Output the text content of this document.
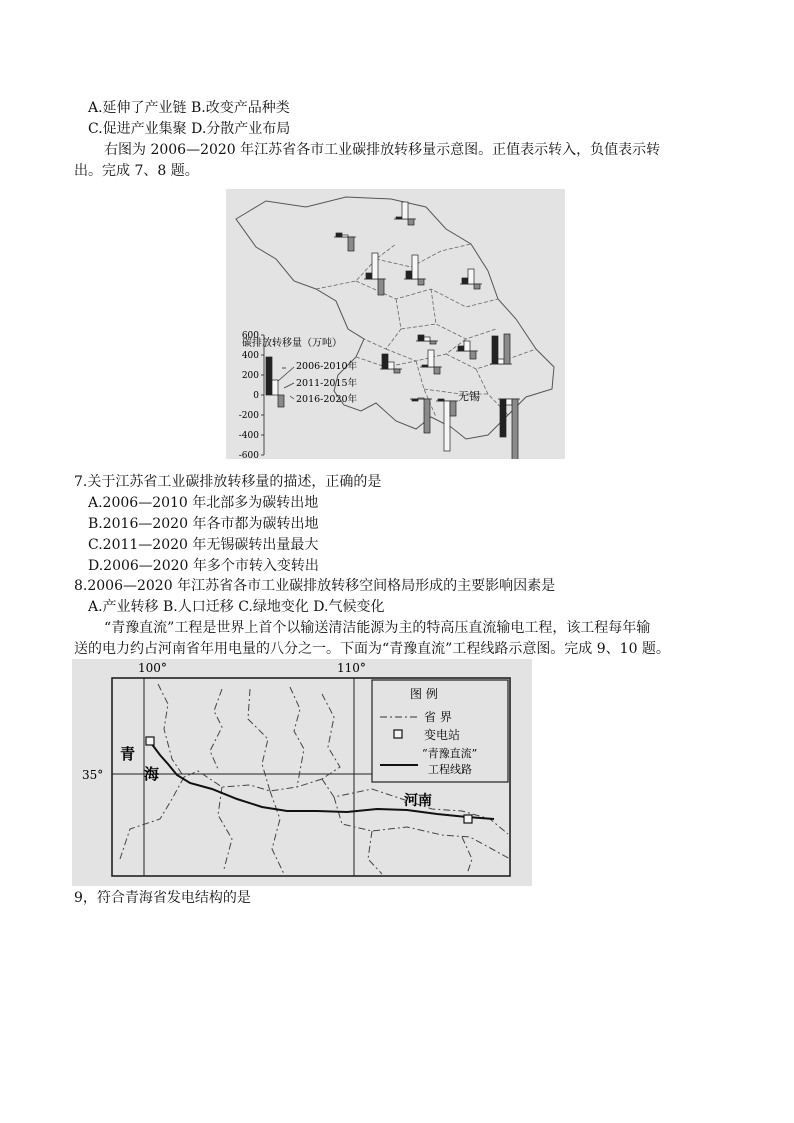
A.延伸了产业链 B.改变产品种类
C.促进产业集聚 D.分散产业布局
右图为 2006—2020 年江苏省各市工业碳排放转移量示意图。正值表示转入，负值表示转
出。完成 7、8 题。
碳排放转移量（万吨）
600
400
200
0
-200
-400
-600
2006-2010年
2011-2015年
2016-2020年	无锡
7.关于江苏省工业碳排放转移量的描述，正确的是
A.2006—2010 年北部多为碳转出地
B.2016—2020 年各市都为碳转出地
C.2011—2020 年无锡碳转出量最大
D.2006—2020 年多个市转入变转出
8.2006—2020 年江苏省各市工业碳排放转移空间格局形成的主要影响因素是
A.产业转移 B.人口迁移 C.绿地变化 D.气候变化
“青豫直流”工程是世界上首个以输送清洁能源为主的特高压直流输电工程，该工程每年输
送的电力约占河南省年用电量的八分之一。下面为“青豫直流”工程线路示意图。完成 9、10 题。
100°	110°
35°
青
海
河南
图 例
省 界
变电站
“青豫直流”
工程线路
9，符合青海省发电结构的是
